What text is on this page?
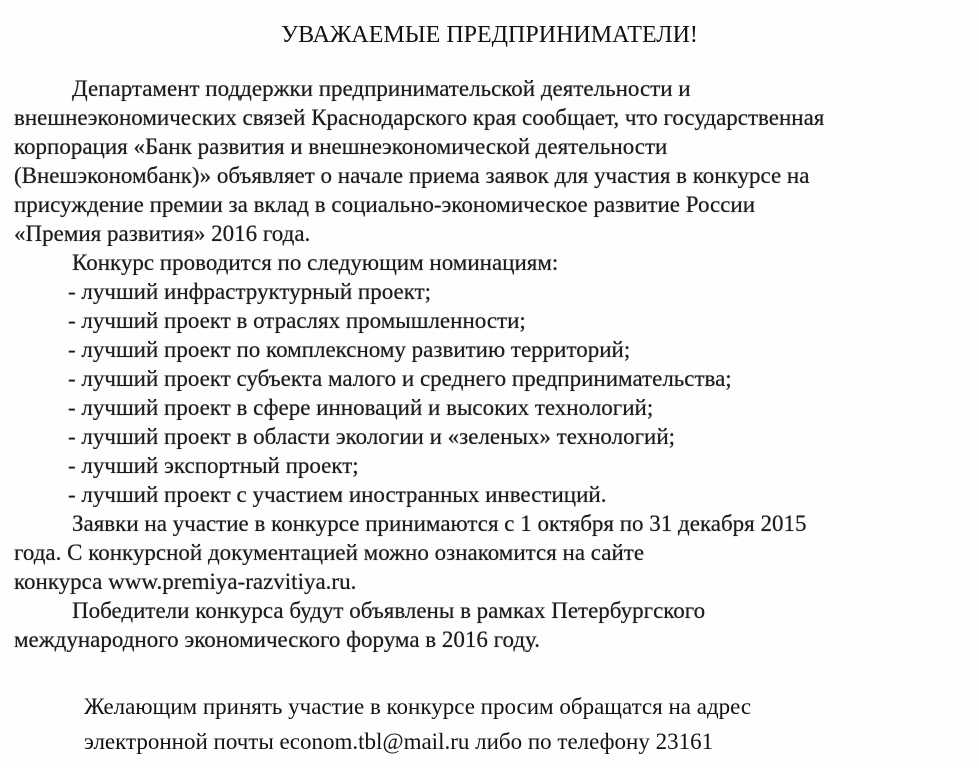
УВАЖАЕМЫЕ ПРЕДПРИНИМАТЕЛИ!
Департамент поддержки предпринимательской деятельности и
внешнеэкономических связей Краснодарского края сообщает, что государственная
корпорация «Банк развития и внешнеэкономической деятельности
(Внешэкономбанк)» объявляет о начале приема заявок для участия в конкурсе на
присуждение премии за вклад в социально-экономическое развитие России
«Премия развития» 2016 года.
Конкурс проводится по следующим номинациям:
- лучший инфраструктурный проект;
- лучший проект в отраслях промышленности;
- лучший проект по комплексному развитию территорий;
- лучший проект субъекта малого и среднего предпринимательства;
- лучший проект в сфере инноваций и высоких технологий;
- лучший проект в области экологии и «зеленых» технологий;
- лучший экспортный проект;
- лучший проект с участием иностранных инвестиций.
Заявки на участие в конкурсе принимаются с 1 октября по 31 декабря 2015
года. С конкурсной документацией можно ознакомится на сайте
конкурса www.premiya-razvitiya.ru.
Победители конкурса будут объявлены в рамках Петербургского
международного экономического форума в 2016 году.
Желающим принять участие в конкурсе просим обращатся на адрес
электронной почты econom.tbl@mail.ru либо по телефону 23161
